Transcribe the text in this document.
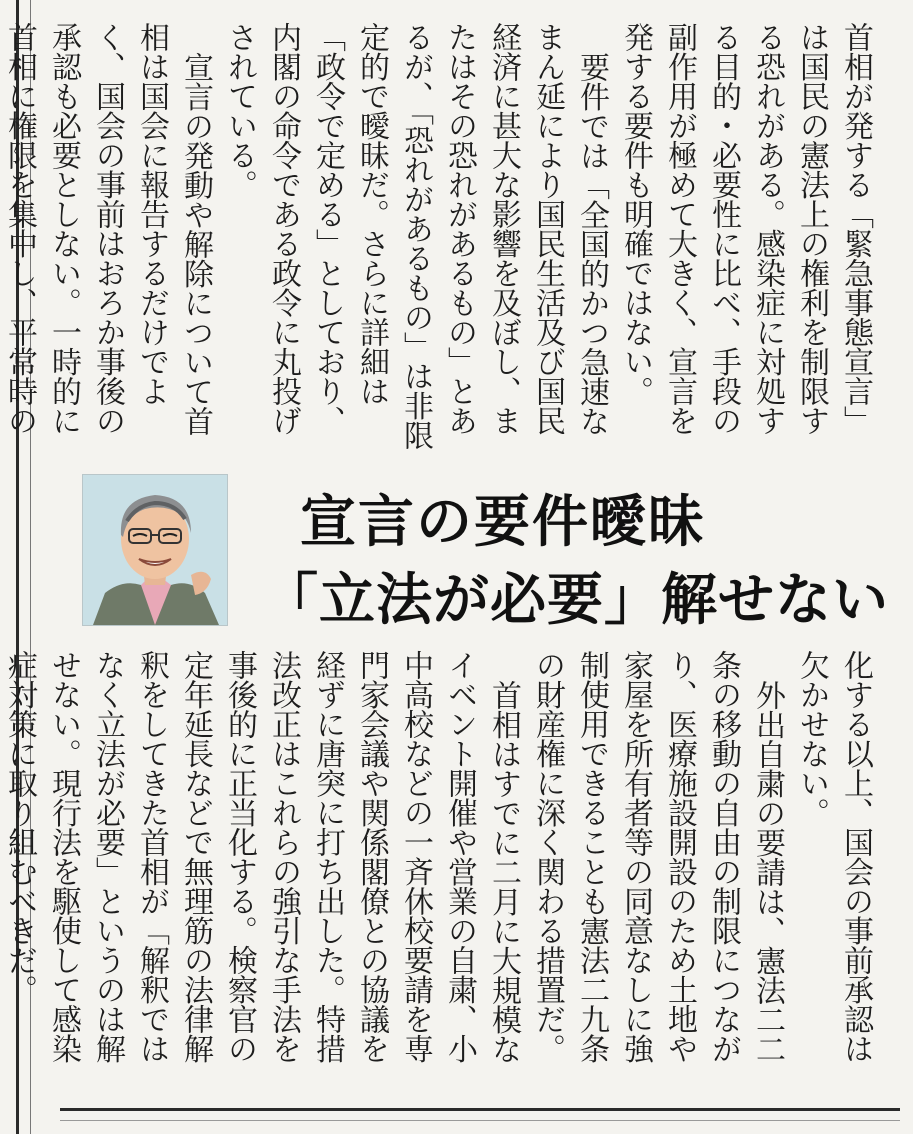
首相が発する「緊急事態宣言」は国民の憲法上の権利を制限する恐れがある。感染症に対処する目的・必要性に比べ、手段の副作用が極めて大きく、宣言を発する要件も明確ではない。
要件では「全国的かつ急速なまん延により国民生活及び国民経済に甚大な影響を及ぼし、またはその恐れがあるもの」とあるが、「恐れがあるもの」は非限定的で曖昧だ。さらに詳細は「政令で定める」としており、内閣の命令である政令に丸投げされている。
宣言の発動や解除について首相は国会に報告するだけでよく、国会の事前はおろか事後の承認も必要としない。一時的に首相に権限を集中し、平常時の
宣言の要件曖昧
「立法が必要」解せない
化する以上、国会の事前承認は欠かせない。
外出自粛の要請は、憲法二二条の移動の自由の制限につながり、医療施設開設のため土地や家屋を所有者等の同意なしに強制使用できることも憲法二九条の財産権に深く関わる措置だ。
首相はすでに二月に大規模なイベント開催や営業の自粛、小中高校などの一斉休校要請を専門家会議や関係閣僚との協議を経ずに唐突に打ち出した。特措法改正はこれらの強引な手法を事後的に正当化する。検察官の定年延長などで無理筋の法律解釈をしてきた首相が「解釈ではなく立法が必要」というのは解せない。現行法を駆使して感染症対策に取り組むべきだ。
